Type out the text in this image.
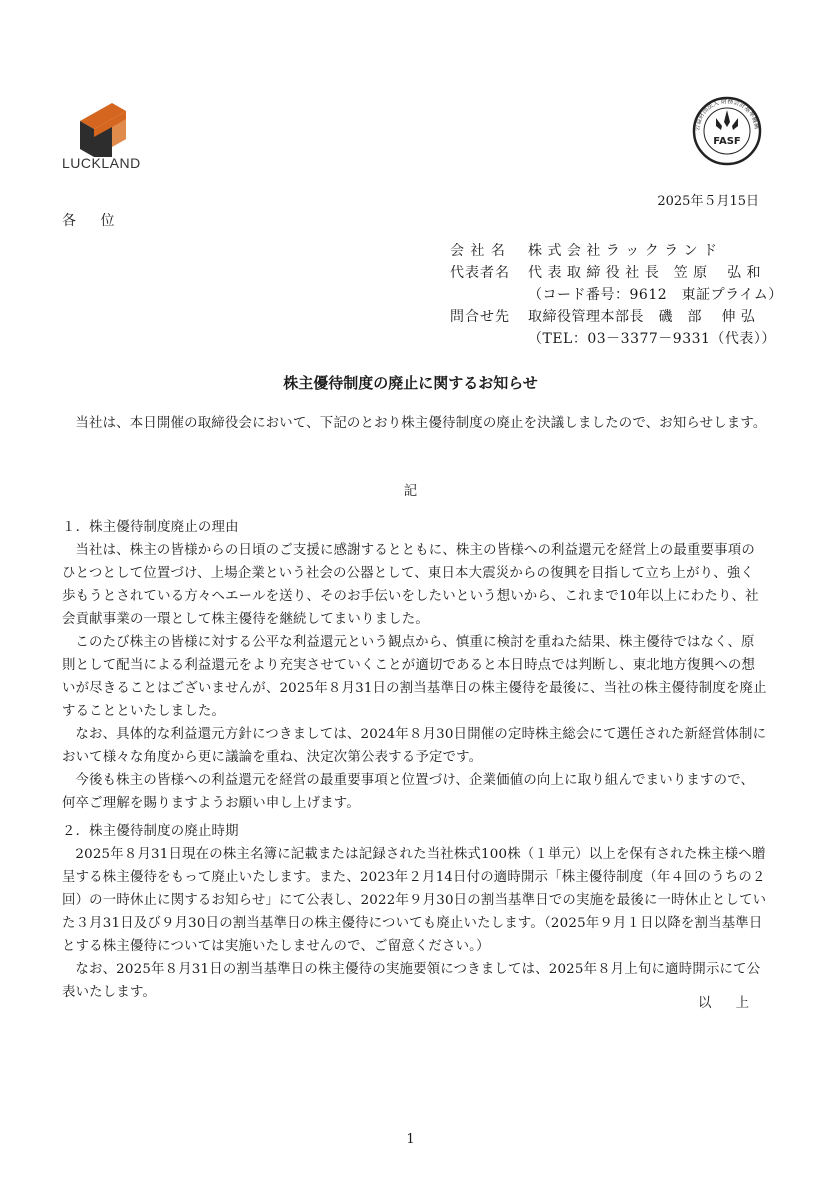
LUCKLAND
公益財団法人 財務会計基準機構
FASF
2025年５月15日
各 位
会 社 名	株 式 会 社 ラ ッ ク ラ ン ド
代表者名	代 表 取 締 役 社 長　笠 原　 弘 和
（コード番号：9612　東証プライム）
問合せ先	取締役管理本部長　磯　部　 伸 弘
（TEL：03－3377－9331（代表））
株主優待制度の廃止に関するお知らせ

当社は、本日開催の取締役会において、下記のとおり株主優待制度の廃止を決議しましたので、お知らせします。

記
１．株主優待制度廃止の理由

当社は、株主の皆様からの日頃のご支援に感謝するとともに、株主の皆様への利益還元を経営上の最重要事項のひとつとして位置づけ、上場企業という社会の公器として、東日本大震災からの復興を目指して立ち上がり、強く歩もうとされている方々へエールを送り、そのお手伝いをしたいという想いから、これまで10年以上にわたり、社会貢献事業の一環として株主優待を継続してまいりました。

このたび株主の皆様に対する公平な利益還元という観点から、慎重に検討を重ねた結果、株主優待ではなく、原則として配当による利益還元をより充実させていくことが適切であると本日時点では判断し、東北地方復興への想いが尽きることはございませんが、2025年８月31日の割当基準日の株主優待を最後に、当社の株主優待制度を廃止することといたしました。

なお、具体的な利益還元方針につきましては、2024年８月30日開催の定時株主総会にて選任された新経営体制において様々な角度から更に議論を重ね、決定次第公表する予定です。

今後も株主の皆様への利益還元を経営の最重要事項と位置づけ、企業価値の向上に取り組んでまいりますので、何卒ご理解を賜りますようお願い申し上げます。

２．株主優待制度の廃止時期

2025年８月31日現在の株主名簿に記載または記録された当社株式100株（１単元）以上を保有された株主様へ贈呈する株主優待をもって廃止いたします。また、2023年２月14日付の適時開示「株主優待制度（年４回のうちの２回）の一時休止に関するお知らせ」にて公表し、2022年９月30日の割当基準日での実施を最後に一時休止としていた３月31日及び９月30日の割当基準日の株主優待についても廃止いたします。（2025年９月１日以降を割当基準日とする株主優待については実施いたしませんので、ご留意ください。）

なお、2025年８月31日の割当基準日の株主優待の実施要領につきましては、2025年８月上旬に適時開示にて公表いたします。

以 上
1
